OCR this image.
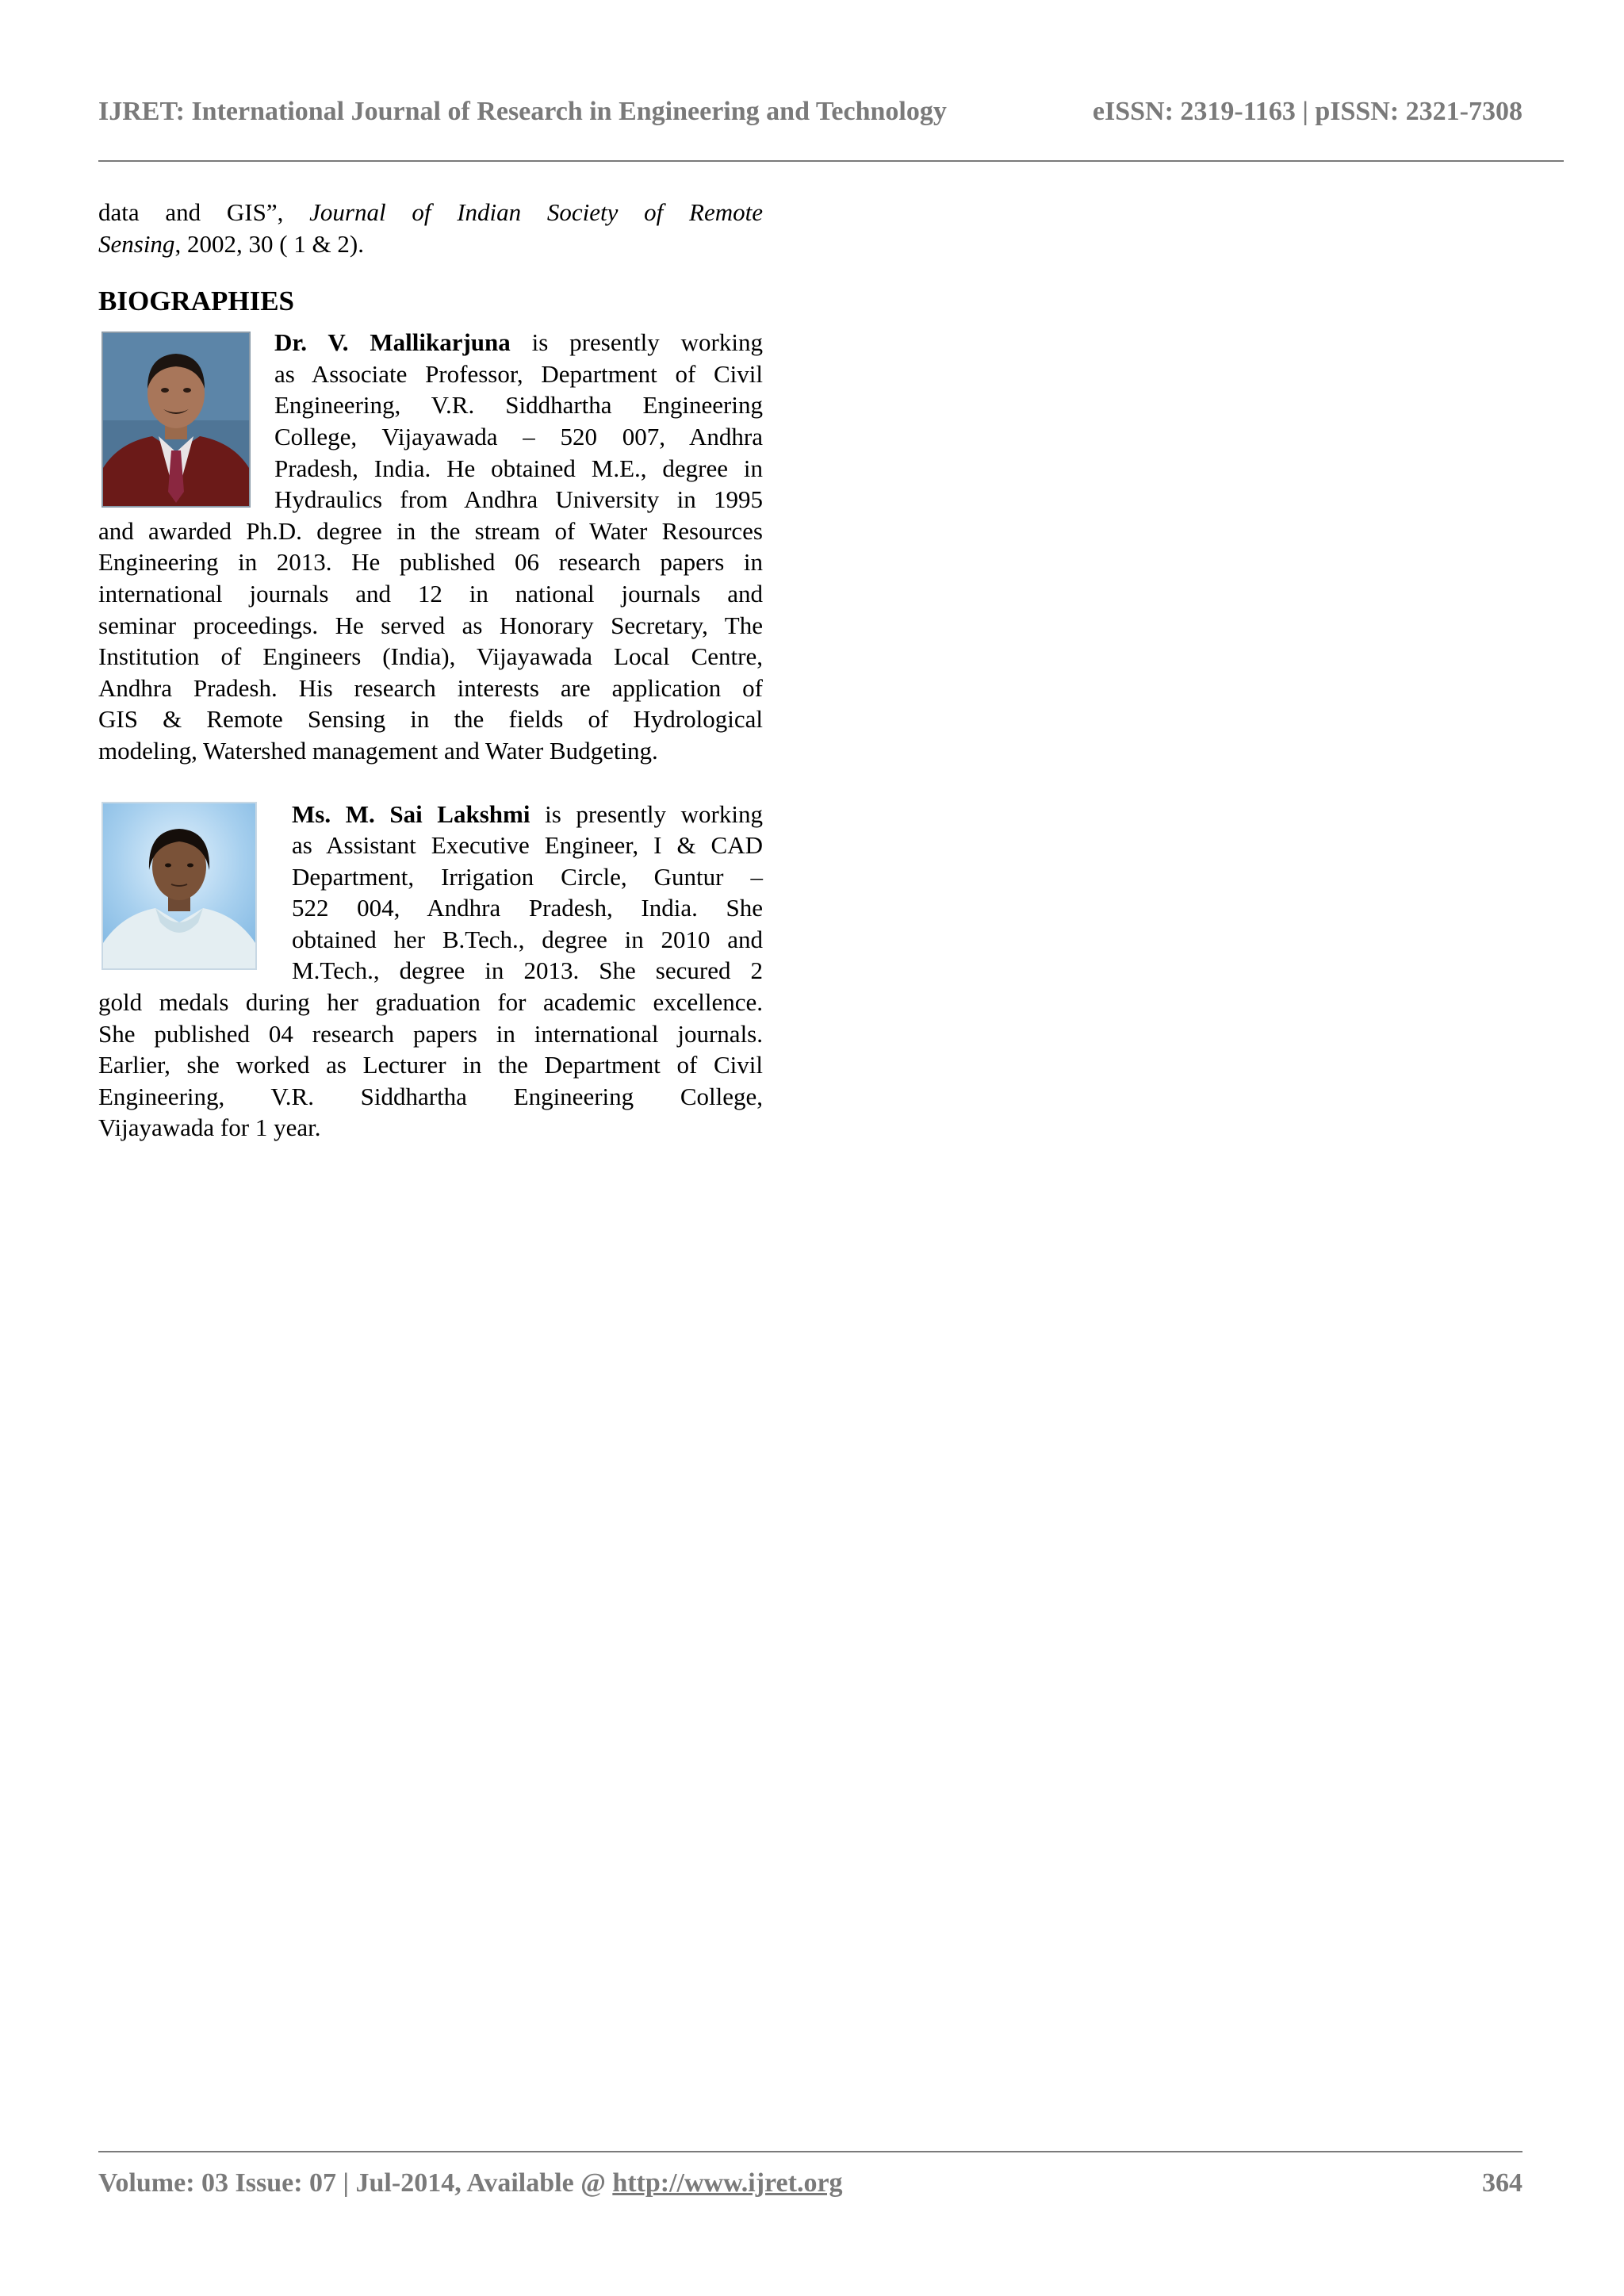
IJRET: International Journal of Research in Engineering and Technology	eISSN: 2319-1163 | pISSN: 2321-7308
data and GIS”, Journal of Indian Society of Remote
Sensing, 2002, 30 ( 1 & 2).
BIOGRAPHIES
Dr. V. Mallikarjuna is presently working
as Associate Professor, Department of Civil
Engineering, V.R. Siddhartha Engineering
College, Vijayawada – 520 007, Andhra
Pradesh, India. He obtained M.E., degree in
Hydraulics from Andhra University in 1995
and awarded Ph.D. degree in the stream of Water Resources
Engineering in 2013. He published 06 research papers in
international journals and 12 in national journals and
seminar proceedings. He served as Honorary Secretary, The
Institution of Engineers (India), Vijayawada Local Centre,
Andhra Pradesh. His research interests are application of
GIS & Remote Sensing in the fields of Hydrological
modeling, Watershed management and Water Budgeting.
Ms. M. Sai Lakshmi is presently working
as Assistant Executive Engineer, I & CAD
Department, Irrigation Circle, Guntur –
522 004, Andhra Pradesh, India. She
obtained her B.Tech., degree in 2010 and
M.Tech., degree in 2013. She secured 2
gold medals during her graduation for academic excellence.
She published 04 research papers in international journals.
Earlier, she worked as Lecturer in the Department of Civil
Engineering, V.R. Siddhartha Engineering College,
Vijayawada for 1 year.
Volume: 03 Issue: 07 | Jul-2014, Available @ http://www.ijret.org	364
